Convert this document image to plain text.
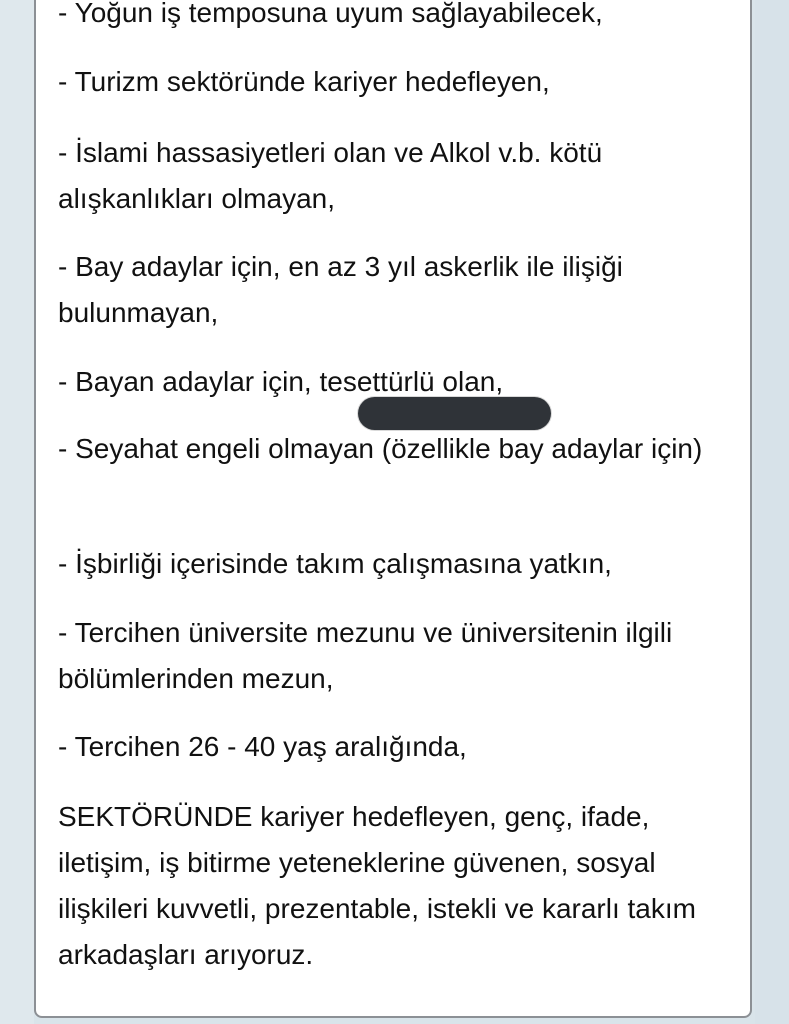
- Yoğun iş temposuna uyum sağlayabilecek,

- Turizm sektöründe kariyer hedefleyen,

- İslami hassasiyetleri olan ve Alkol v.b. kötü alışkanlıkları olmayan,

- Bay adaylar için, en az 3 yıl askerlik ile ilişiği bulunmayan,

- Bayan adaylar için, tesettürlü olan,

- Seyahat engeli olmayan (özellikle bay adaylar için)

- İşbirliği içerisinde takım çalışmasına yatkın,

- Tercihen üniversite mezunu ve üniversitenin ilgili bölümlerinden mezun,

- Tercihen 26 - 40 yaş aralığında,

SEKTÖRÜNDE kariyer hedefleyen, genç, ifade, iletişim, iş bitirme yeteneklerine güvenen, sosyal ilişkileri kuvvetli, prezentable, istekli ve kararlı takım arkadaşları arıyoruz.
